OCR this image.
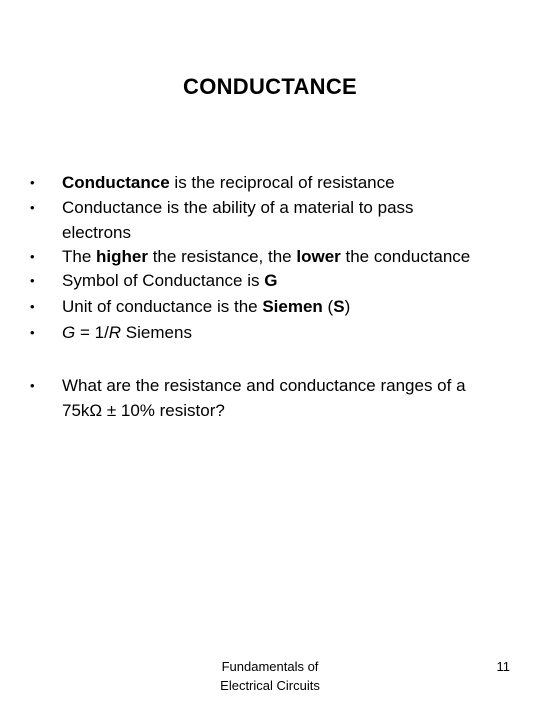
CONDUCTANCE
•	Conductance is the reciprocal of resistance
•	Conductance is the ability of a material to pass electrons
•	The higher the resistance, the lower the conductance
•	Symbol of Conductance is G
•	Unit of conductance is the Siemen (S)
•	G = 1/R Siemens
•	What are the resistance and conductance ranges of a 75kΩ ± 10% resistor?
Fundamentals of
Electrical Circuits
11
